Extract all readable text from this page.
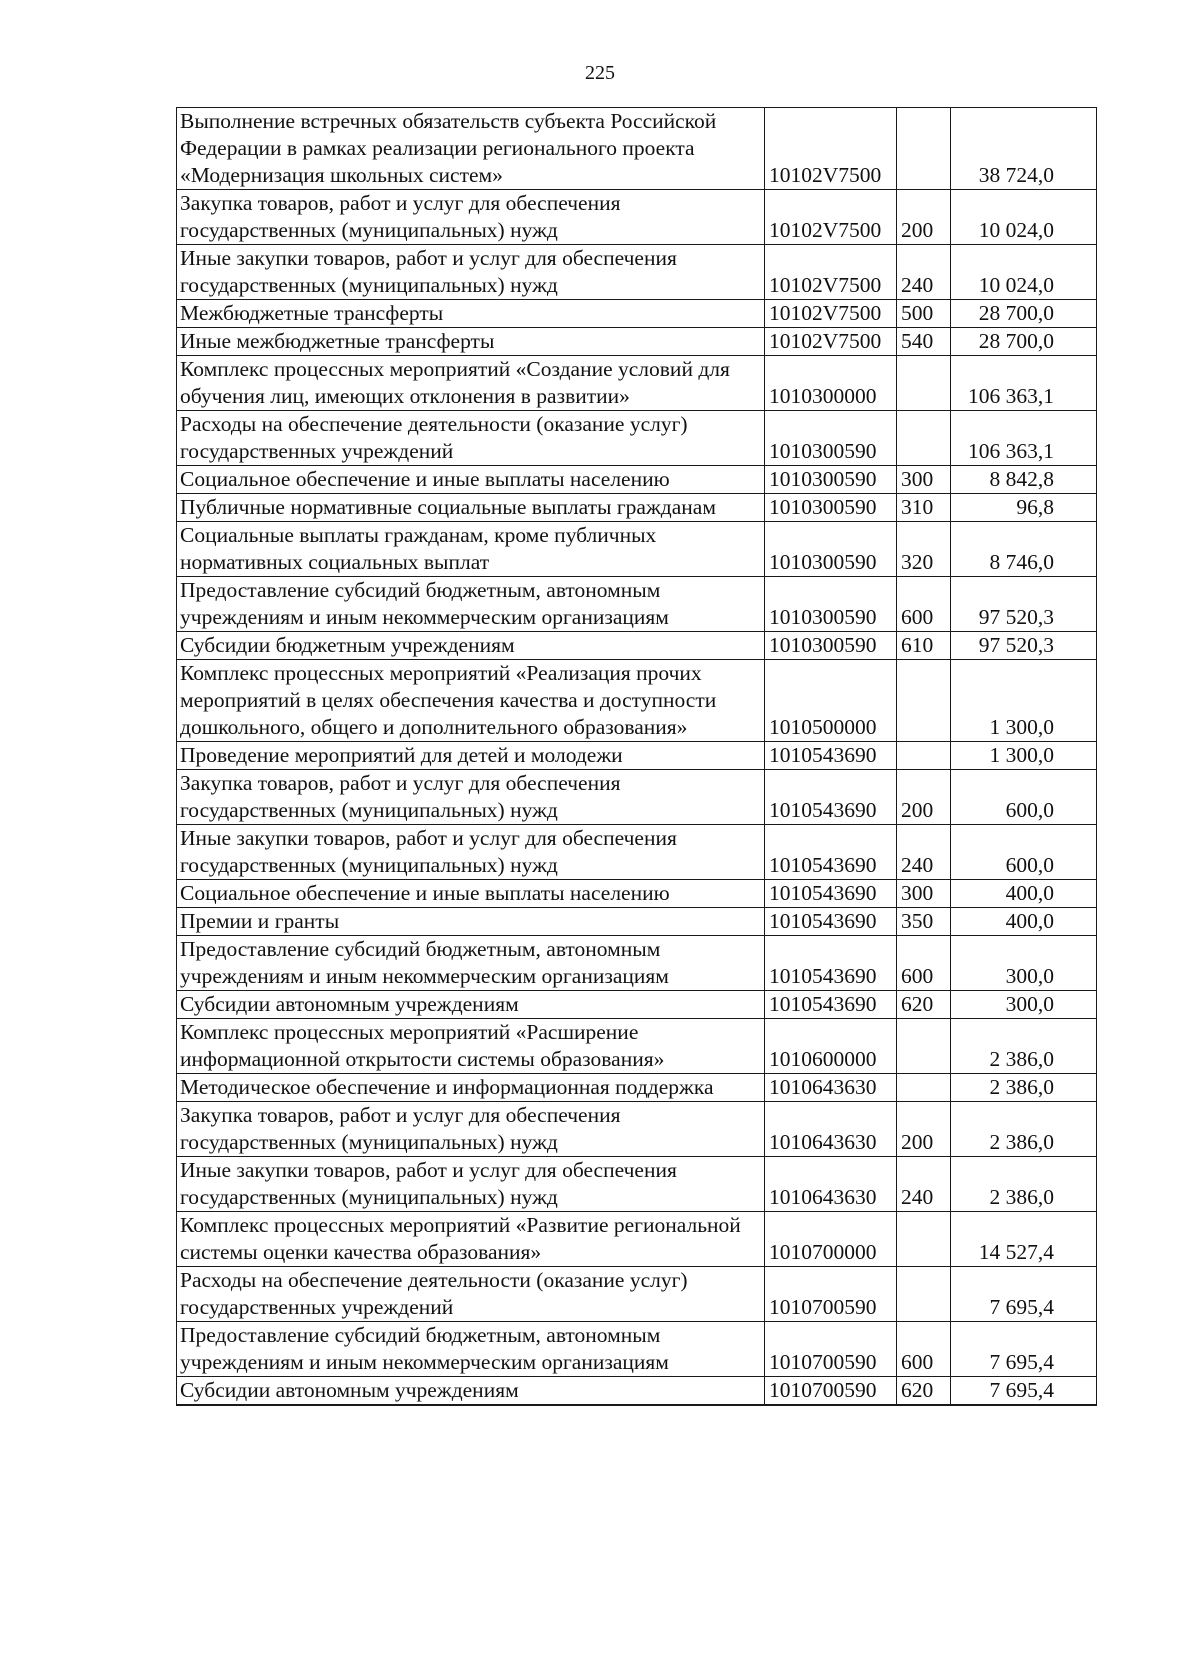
225
Выполнение встречных обязательств субъекта Российской Федерации в рамках реализации регионального проекта «Модернизация школьных систем»	10102V7500		38 724,0
Закупка товаров, работ и услуг для обеспечения государственных (муниципальных) нужд	10102V7500	200	10 024,0
Иные закупки товаров, работ и услуг для обеспечения государственных (муниципальных) нужд	10102V7500	240	10 024,0
Межбюджетные трансферты	10102V7500	500	28 700,0
Иные межбюджетные трансферты	10102V7500	540	28 700,0
Комплекс процессных мероприятий «Создание условий для обучения лиц, имеющих отклонения в развитии»	1010300000		106 363,1
Расходы на обеспечение деятельности (оказание услуг) государственных учреждений	1010300590		106 363,1
Социальное обеспечение и иные выплаты населению	1010300590	300	8 842,8
Публичные нормативные социальные выплаты гражданам	1010300590	310	96,8
Социальные выплаты гражданам, кроме публичных нормативных социальных выплат	1010300590	320	8 746,0
Предоставление субсидий бюджетным, автономным учреждениям и иным некоммерческим организациям	1010300590	600	97 520,3
Субсидии бюджетным учреждениям	1010300590	610	97 520,3
Комплекс процессных мероприятий «Реализация прочих мероприятий в целях обеспечения качества и доступности дошкольного, общего и дополнительного образования»	1010500000		1 300,0
Проведение мероприятий для детей и молодежи	1010543690		1 300,0
Закупка товаров, работ и услуг для обеспечения государственных (муниципальных) нужд	1010543690	200	600,0
Иные закупки товаров, работ и услуг для обеспечения государственных (муниципальных) нужд	1010543690	240	600,0
Социальное обеспечение и иные выплаты населению	1010543690	300	400,0
Премии и гранты	1010543690	350	400,0
Предоставление субсидий бюджетным, автономным учреждениям и иным некоммерческим организациям	1010543690	600	300,0
Субсидии автономным учреждениям	1010543690	620	300,0
Комплекс процессных мероприятий «Расширение информационной открытости системы образования»	1010600000		2 386,0
Методическое обеспечение и информационная поддержка	1010643630		2 386,0
Закупка товаров, работ и услуг для обеспечения государственных (муниципальных) нужд	1010643630	200	2 386,0
Иные закупки товаров, работ и услуг для обеспечения государственных (муниципальных) нужд	1010643630	240	2 386,0
Комплекс процессных мероприятий «Развитие региональной системы оценки качества образования»	1010700000		14 527,4
Расходы на обеспечение деятельности (оказание услуг) государственных учреждений	1010700590		7 695,4
Предоставление субсидий бюджетным, автономным учреждениям и иным некоммерческим организациям	1010700590	600	7 695,4
Субсидии автономным учреждениям	1010700590	620	7 695,4
